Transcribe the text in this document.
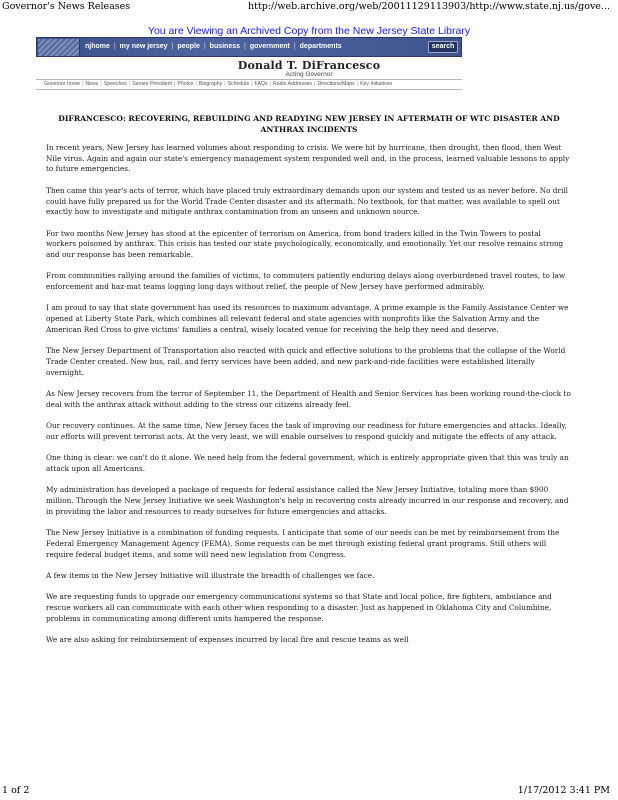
Governor's News Releases	http://web.archive.org/web/20011129113903/http://www.state.nj.us/gove...
You are Viewing an Archived Copy from the New Jersey State Library
njhome | my new jersey | people | business | government | departments	search
Donald T. DiFrancesco
Acting Governor
Governor home | News | Speeches | Senate President | Photos | Biography | Schedule | FAQs | Radio Addresses | Directions/Maps | Key Initiatives
DIFRANCESCO: RECOVERING, REBUILDING AND READYING NEW JERSEY IN AFTERMATH OF WTC DISASTER AND ANTHRAX INCIDENTS

In recent years, New Jersey has learned volumes about responding to crisis. We were hit by hurricane, then drought, then flood, then West Nile virus. Again and again our state's emergency management system responded well and, in the process, learned valuable lessons to apply to future emergencies.

Then came this year's acts of terror, which have placed truly extraordinary demands upon our system and tested us as never before. No drill could have fully prepared us for the World Trade Center disaster and its aftermath. No textbook, for that matter, was available to spell out exactly how to investigate and mitigate anthrax contamination from an unseen and unknown source.

For two months New Jersey has stood at the epicenter of terrorism on America, from bond traders killed in the Twin Towers to postal workers poisoned by anthrax. This crisis has tested our state psychologically, economically, and emotionally. Yet our resolve remains strong and our response has been remarkable.

From communities rallying around the families of victims, to commuters patiently enduring delays along overburdened travel routes, to law enforcement and haz-mat teams logging long days without relief, the people of New Jersey have performed admirably.

I am proud to say that state government has used its resources to maximum advantage. A prime example is the Family Assistance Center we opened at Liberty State Park, which combines all relevant federal and state agencies with nonprofits like the Salvation Army and the American Red Cross to give victims' families a central, wisely located venue for receiving the help they need and deserve.

The New Jersey Department of Transportation also reacted with quick and effective solutions to the problems that the collapse of the World Trade Center created. New bus, rail, and ferry services have been added, and new park-and-ride facilities were established literally overnight.

As New Jersey recovers from the terror of September 11, the Department of Health and Senior Services has been working round-the-clock to deal with the anthrax attack without adding to the stress our citizens already feel.

Our recovery continues. At the same time, New Jersey faces the task of improving our readiness for future emergencies and attacks. Ideally, our efforts will prevent terrorist acts. At the very least, we will enable ourselves to respond quickly and mitigate the effects of any attack.

One thing is clear: we can't do it alone. We need help from the federal government, which is entirely appropriate given that this was truly an attack upon all Americans.

My administration has developed a package of requests for federal assistance called the New Jersey Initiative, totaling more than $900 million. Through the New Jersey Initiative we seek Washington's help in recovering costs already incurred in our response and recovery, and in providing the labor and resources to ready ourselves for future emergencies and attacks.

The New Jersey Initiative is a combination of funding requests. I anticipate that some of our needs can be met by reimbursement from the Federal Emergency Management Agency (FEMA). Some requests can be met through existing federal grant programs. Still others will require federal budget items, and some will need new legislation from Congress.

A few items in the New Jersey Initiative will illustrate the breadth of challenges we face.

We are requesting funds to upgrade our emergency communications systems so that State and local police, fire fighters, ambulance and rescue workers all can communicate with each other when responding to a disaster. Just as happened in Oklahoma City and Columbine, problems in communicating among different units hampered the response.

We are also asking for reimbursement of expenses incurred by local fire and rescue teams as well

1 of 2	1/17/2012 3:41 PM
